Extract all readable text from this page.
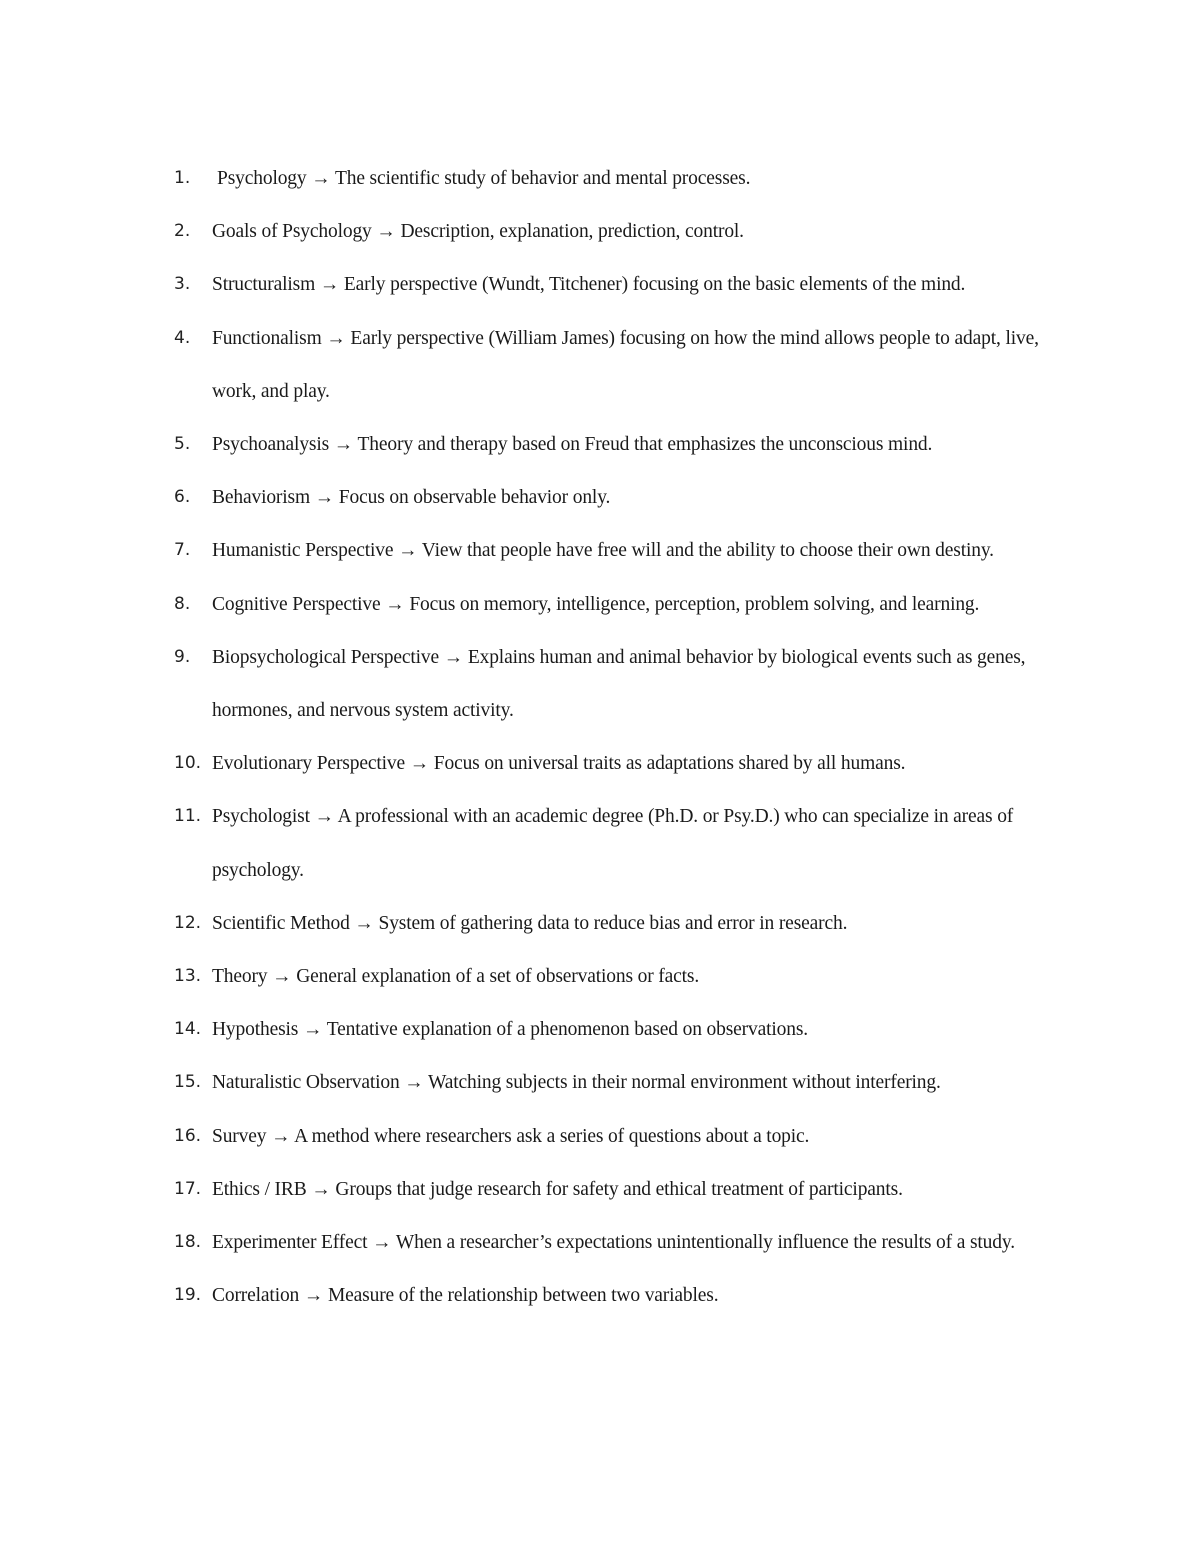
1.	Psychology → The scientific study of behavior and mental processes.
2.	Goals of Psychology → Description, explanation, prediction, control.
3.	Structuralism → Early perspective (Wundt, Titchener) focusing on the basic elements of the mind.
4.	Functionalism → Early perspective (William James) focusing on how the mind allows people to adapt, live, work, and play.
5.	Psychoanalysis → Theory and therapy based on Freud that emphasizes the unconscious mind.
6.	Behaviorism → Focus on observable behavior only.
7.	Humanistic Perspective → View that people have free will and the ability to choose their own destiny.
8.	Cognitive Perspective → Focus on memory, intelligence, perception, problem solving, and learning.
9.	Biopsychological Perspective → Explains human and animal behavior by biological events such as genes, hormones, and nervous system activity.
10. Evolutionary Perspective → Focus on universal traits as adaptations shared by all humans.
11. Psychologist → A professional with an academic degree (Ph.D. or Psy.D.) who can specialize in areas of psychology.
12. Scientific Method → System of gathering data to reduce bias and error in research.
13. Theory → General explanation of a set of observations or facts.
14. Hypothesis → Tentative explanation of a phenomenon based on observations.
15. Naturalistic Observation → Watching subjects in their normal environment without interfering.
16. Survey → A method where researchers ask a series of questions about a topic.
17. Ethics / IRB → Groups that judge research for safety and ethical treatment of participants.
18. Experimenter Effect → When a researcher’s expectations unintentionally influence the results of a study.
19. Correlation → Measure of the relationship between two variables.
